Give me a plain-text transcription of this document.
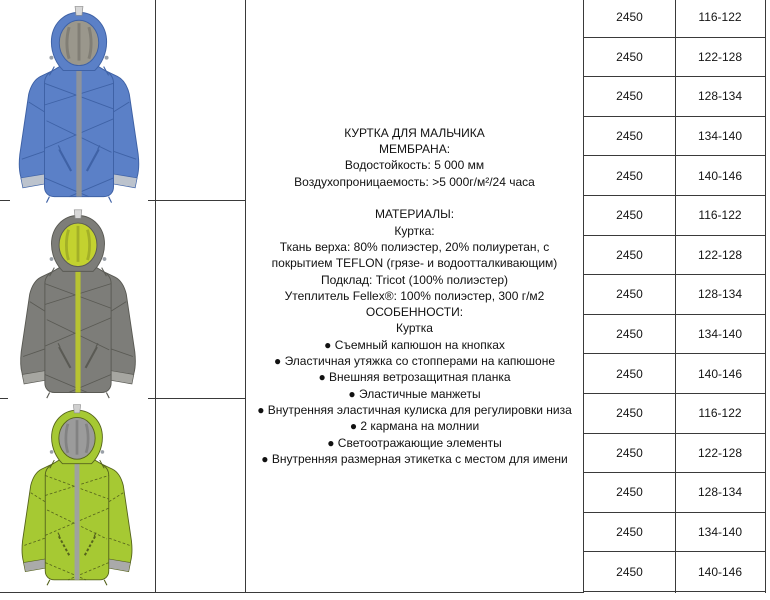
КУРТКА ДЛЯ МАЛЬЧИКА
МЕМБРАНА:
Водостойкость: 5 000 мм
Воздухопроницаемость: >5 000г/м²/24 часа

МАТЕРИАЛЫ:
Куртка:
Ткань верха: 80% полиэстер, 20% полиуретан, с
покрытием TEFLON (грязе- и водоотталкивающим)
Подклад: Tricot (100% полиэстер)
Утеплитель Fellex®: 100% полиэстер, 300 г/м2
ОСОБЕННОСТИ:
Куртка
● Съемный капюшон на кнопках
● Эластичная утяжка со стопперами на капюшоне
● Внешняя ветрозащитная планка
● Эластичные манжеты
● Внутренняя эластичная кулиска для регулировки низа
● 2 кармана на молнии
● Светоотражающие элементы
● Внутренняя размерная этикетка с местом для имени
2450	116-122
2450	122-128
2450	128-134
2450	134-140
2450	140-146
2450	116-122
2450	122-128
2450	128-134
2450	134-140
2450	140-146
2450	116-122
2450	122-128
2450	128-134
2450	134-140
2450	140-146
